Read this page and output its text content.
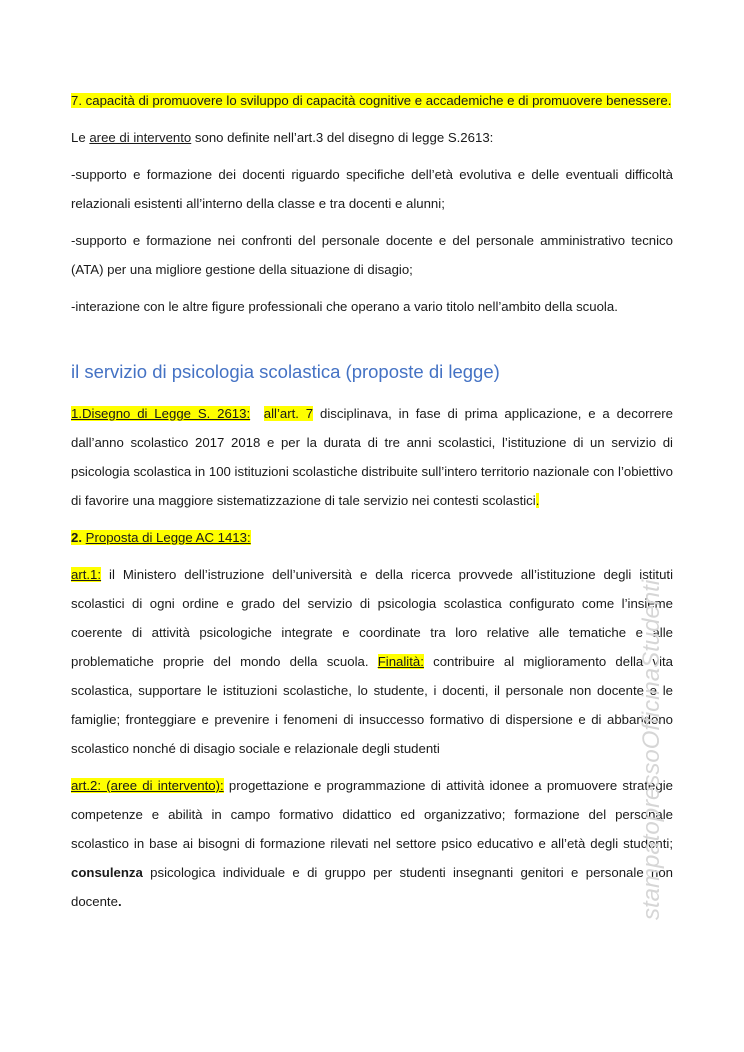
7. capacità di promuovere lo sviluppo di capacità cognitive e accademiche e di promuovere benessere.

Le aree di intervento sono definite nell’art.3 del disegno di legge S.2613:

-supporto e formazione dei docenti riguardo specifiche dell’età evolutiva e delle eventuali difficoltà relazionali esistenti all’interno della classe e tra docenti e alunni;

-supporto e formazione nei confronti del personale docente e del personale amministrativo tecnico (ATA) per una migliore gestione della situazione di disagio;

-interazione con le altre figure professionali che operano a vario titolo nell’ambito della scuola.

il servizio di psicologia scolastica (proposte di legge)

1.Disegno di Legge S. 2613: all’art. 7 disciplinava, in fase di prima applicazione, e a decorrere dall’anno scolastico 2017 2018 e per la durata di tre anni scolastici, l’istituzione di un servizio di psicologia scolastica in 100 istituzioni scolastiche distribuite sull’intero territorio nazionale con l’obiettivo di favorire una maggiore sistematizzazione di tale servizio nei contesti scolastici.

2. Proposta di Legge AC 1413:

art.1: il Ministero dell’istruzione dell’università e della ricerca provvede all’istituzione degli istituti scolastici di ogni ordine e grado del servizio di psicologia scolastica configurato come l’insieme coerente di attività psicologiche integrate e coordinate tra loro relative alle tematiche e alle problematiche proprie del mondo della scuola. Finalità: contribuire al miglioramento della vita scolastica, supportare le istituzioni scolastiche, lo studente, i docenti, il personale non docente e le famiglie; fronteggiare e prevenire i fenomeni di insuccesso formativo di dispersione e di abbandono scolastico nonché di disagio sociale e relazionale degli studenti

art.2: (aree di intervento): progettazione e programmazione di attività idonee a promuovere strategie competenze e abilità in campo formativo didattico ed organizzativo; formazione del personale scolastico in base ai bisogni di formazione rilevati nel settore psico educativo e all’età degli studenti; consulenza psicologica individuale e di gruppo per studenti insegnanti genitori e personale non docente.	stampatopressoOfficinaStudenti
